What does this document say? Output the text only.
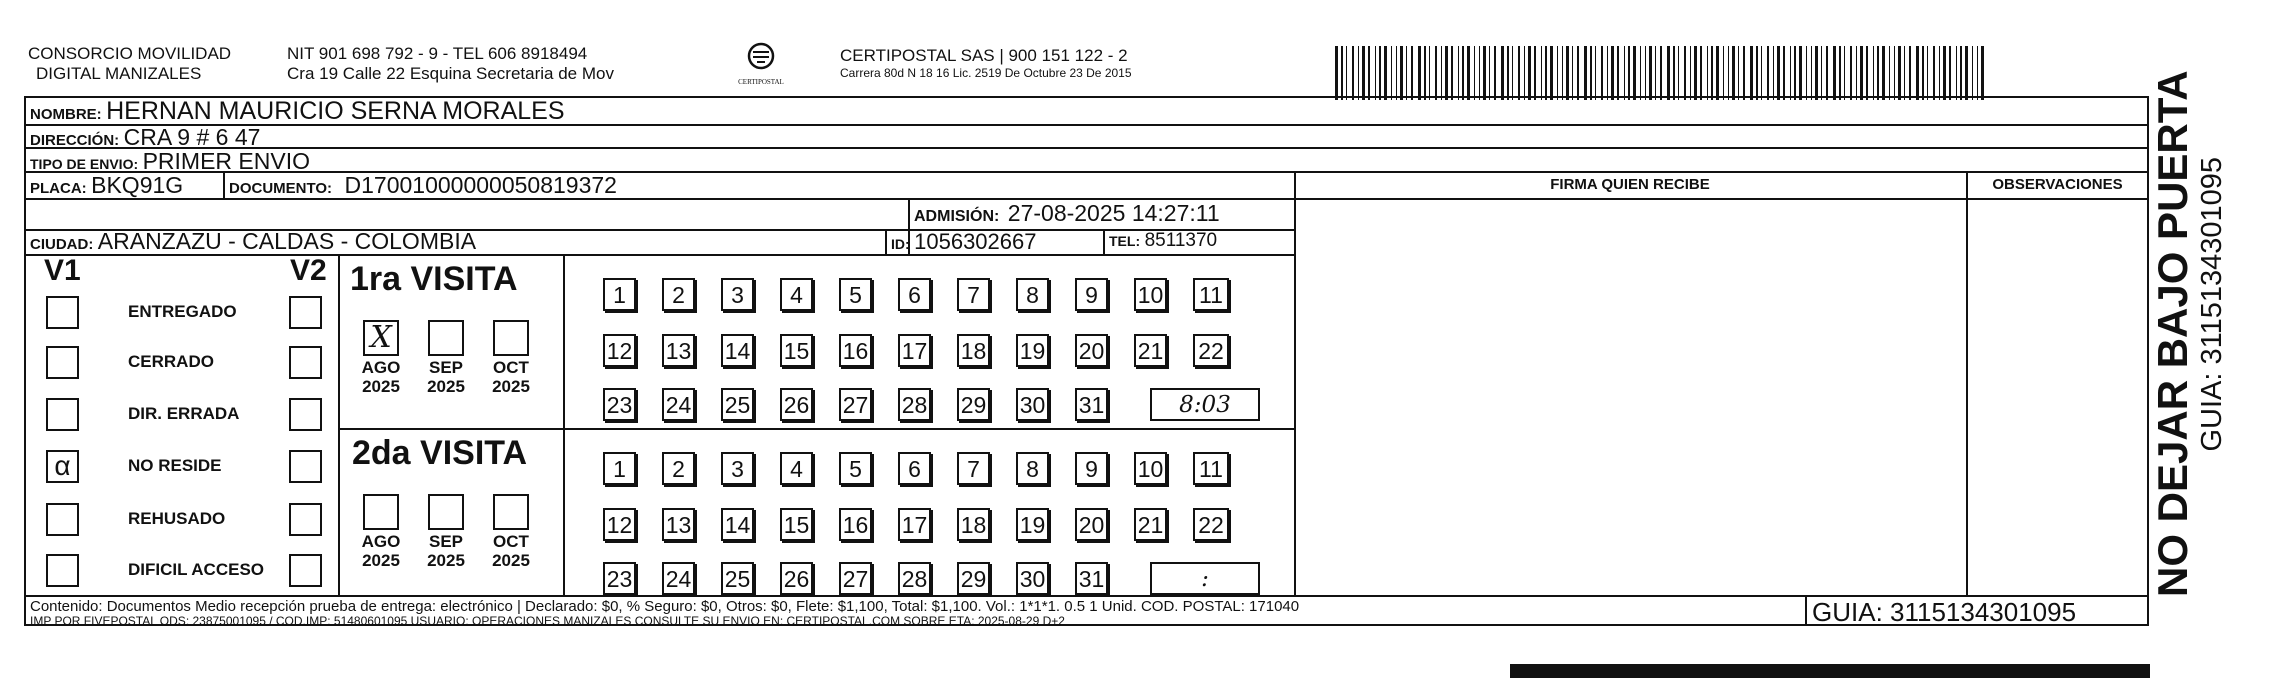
CONSORCIO MOVILIDAD
DIGITAL MANIZALES
NIT 901 698 792 - 9 - TEL 606 8918494
Cra 19 Calle 22 Esquina Secretaria de Mov	CERTIPOSTAL
CERTIPOSTAL SAS | 900 151 122 - 2
Carrera 80d N 18 16 Lic. 2519 De Octubre 23 De 2015
NOMBRE: HERNAN MAURICIO SERNA MORALES
DIRECCIÓN: CRA 9 # 6 47
TIPO DE ENVIO: PRIMER ENVIO
PLACA: BKQ91G	DOCUMENTO: D17001000000050819372
ADMISIÓN: 27-08-2025 14:27:11
CIUDAD: ARANZAZU - CALDAS - COLOMBIA	ID: 1056302667	TEL: 8511370
FIRMA QUIEN RECIBE	OBSERVACIONES
V1	V2
ENTREGADO
CERRADO
DIR. ERRADA
α	NO RESIDE
REHUSADO
DIFICIL ACCESO
1ra VISITA
X
AGO
2025
SEP
2025
OCT
2025
1	2	3	4	5	6	7	8	9	10 11
12 13 14 15 16 17 18 19 20 21 22
23 24 25 26 27 28 29 30 31	8:03
2da VISITA
AGO
2025
SEP
2025
OCT
2025
1	2	3	4	5	6	7	8	9	10 11
12 13 14 15 16 17 18 19 20 21 22
23 24 25 26 27 28 29 30 31	:
Contenido: Documentos Medio recepción prueba de entrega: electrónico | Declarado: $0, % Seguro: $0, Otros: $0, Flete: $1,100, Total: $1,100. Vol.: 1*1*1. 0.5 1 Unid. COD. POSTAL: 171040
IMP POR FIVEPOSTAL ODS: 23875001095 / COD.IMP: 51480601095 USUARIO: OPERACIONES MANIZALES CONSULTE SU ENVIO EN: CERTIPOSTAL.COM SOBRE ETA: 2025-08-29 D+2	GUIA: 3115134301095
NO DEJAR BAJO PUERTA GUIA: 3115134301095
